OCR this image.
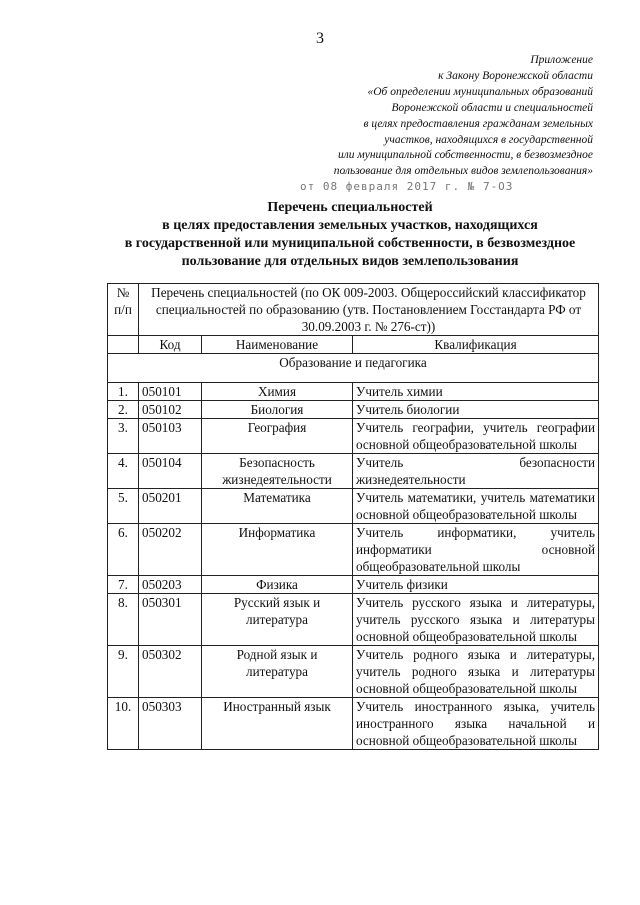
3
Приложение
к Закону Воронежской области
«Об определении муниципальных образований
Воронежской области и специальностей
в целях предоставления гражданам земельных
участков, находящихся в государственной
или муниципальной собственности, в безвозмездное
пользование для отдельных видов землепользования»
от 08 февраля 2017 г. № 7-ОЗ
Перечень специальностей
в целях предоставления земельных участков, находящихся
в государственной или муниципальной собственности, в безвозмездное
пользование для отдельных видов землепользования
№ п/п	Перечень специальностей (по ОК 009-2003. Общероссийский классификатор специальностей по образованию (утв. Постановлением Госстандарта РФ от 30.09.2003 г. № 276-ст))		
	Код	Наименование	Квалификация
Образование и педагогика			
1.	050101	Химия	Учитель химии
2.	050102	Биология	Учитель биологии
3.	050103	География	Учитель географии, учитель географии основной общеобразовательной школы
4.	050104	Безопасность жизнедеятельности	Учитель безопасности жизнедеятельности
5.	050201	Математика	Учитель математики, учитель математики основной общеобразовательной школы
6.	050202	Информатика	Учитель информатики, учитель информатики основной общеобразовательной школы
7.	050203	Физика	Учитель физики
8.	050301	Русский язык и литература	Учитель русского языка и литературы, учитель русского языка и литературы основной общеобразовательной школы
9.	050302	Родной язык и литература	Учитель родного языка и литературы, учитель родного языка и литературы основной общеобразовательной школы
10.	050303	Иностранный язык	Учитель иностранного языка, учитель иностранного языка начальной и основной общеобразовательной школы
